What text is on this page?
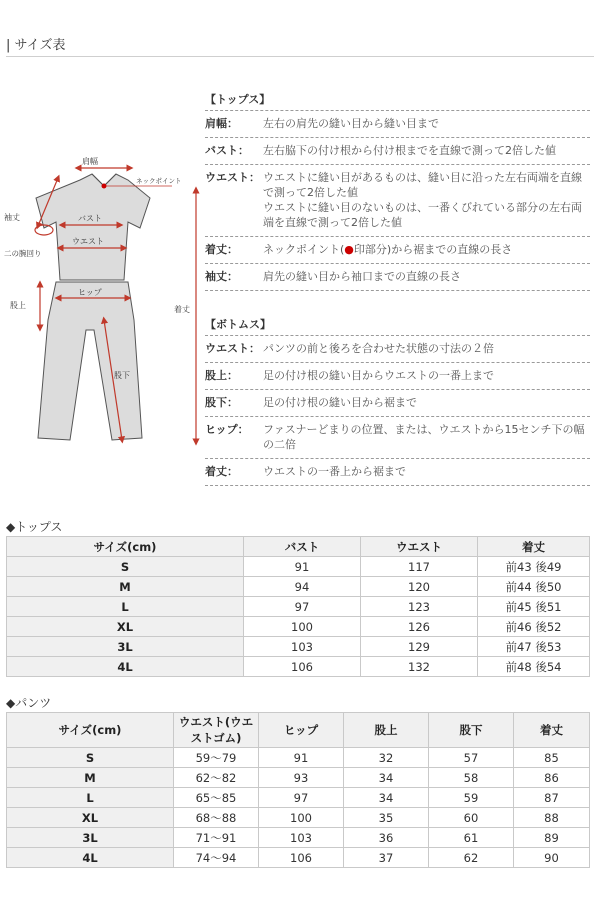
| サイズ表
肩幅
ネックポイント
袖丈	バスト
ウエスト
二の腕回り
ヒップ
股上
股下
着丈
【トップス】
肩幅：	左右の肩先の縫い目から縫い目まで
バスト：	左右脇下の付け根から付け根までを直線で測って2倍した値
ウエスト： ウエストに縫い目があるものは、縫い目に沿った左右両端を直線で測って2倍した値
ウエストに縫い目のないものは、一番くびれている部分の左右両端を直線で測って2倍した値
着丈：	ネックポイント(●印部分)から裾までの直線の長さ
袖丈：	肩先の縫い目から袖口までの直線の長さ
【ボトムス】
ウエスト： パンツの前と後ろを合わせた状態の寸法の２倍
股上：	足の付け根の縫い目からウエストの一番上まで
股下：	足の付け根の縫い目から裾まで
ヒップ：	ファスナーどまりの位置、または、ウエストから15センチ下の幅の二倍
着丈：	ウエストの一番上から裾まで
◆トップス
サイズ(cm)	バスト	ウエスト	着丈
S	91	117	前43 後49
M	94	120	前44 後50
L	97	123	前45 後51
XL	100	126	前46 後52
3L	103	129	前47 後53
4L	106	132	前48 後54
◆パンツ
サイズ(cm)	ウエスト(ウエストゴム)	ヒップ	股上	股下	着丈
S	59〜79	91	32	57	85
M	62〜82	93	34	58	86
L	65〜85	97	34	59	87
XL	68〜88	100	35	60	88
3L	71〜91	103	36	61	89
4L	74〜94	106	37	62	90
